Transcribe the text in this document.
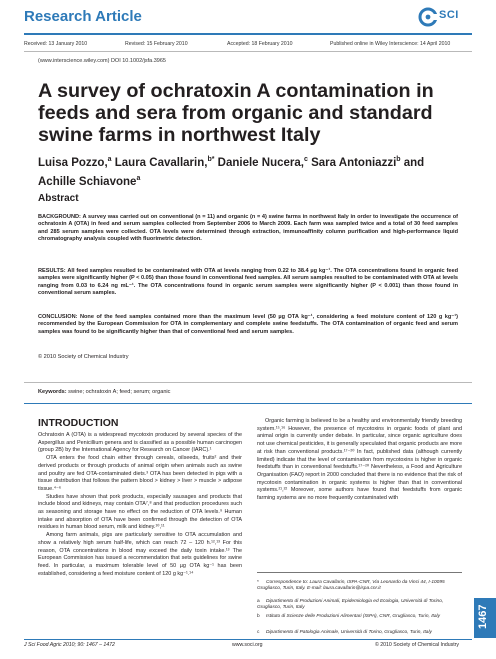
Research Article	SCI
Received: 13 January 2010	Revised: 15 February 2010	Accepted: 18 February 2010	Published online in Wiley Interscience: 14 April 2010
(www.interscience.wiley.com) DOI 10.1002/jsfa.3965
A survey of ochratoxin A contamination in feeds and sera from organic and standard swine farms in northwest Italy

Luisa Pozzo,$^a$ Laura Cavallarin,$^{b*}$ Daniele Nucera,$^c$ Sara Antoniazzi$^b$ and Achille Schiavone$^a$

Abstract

BACKGROUND: A survey was carried out on conventional (n = 11) and organic (n = 4) swine farms in northwest Italy in order to investigate the occurrence of ochratoxin A (OTA) in feed and serum samples collected from September 2006 to March 2009. Each farm was sampled twice and a total of 30 feed samples and 285 serum samples were collected. OTA levels were determined through extraction, immunoaffinity column purification and high-performance liquid chromatography analysis coupled with fluorimetric detection.

RESULTS: All feed samples resulted to be contaminated with OTA at levels ranging from 0.22 to 38.4 µg kg⁻¹. The OTA concentrations found in organic feed samples were significantly higher (P < 0.05) than those found in conventional feed samples. All serum samples resulted to be contaminated with OTA at levels ranging from 0.03 to 6.24 ng mL⁻¹. The OTA concentrations found in organic serum samples were significantly higher (P < 0.001) than those found in conventional serum samples.

CONCLUSION: None of the feed samples contained more than the maximum level (50 µg OTA kg⁻¹, considering a feed moisture content of 120 g kg⁻¹) recommended by the European Commission for OTA in complementary and complete swine feedstuffs. The OTA contamination of organic feed and serum samples was found to be significantly higher than that of conventional feed and serum samples.

© 2010 Society of Chemical Industry
Keywords: swine; ochratoxin A; feed; serum; organic
INTRODUCTION

Ochratoxin A (OTA) is a widespread mycotoxin produced by several species of the Aspergillus and Penicillium genera and is classified as a possible human carcinogen (group 2B) by the International Agency for Research on Cancer (IARC).¹

OTA enters the food chain either through cereals, oilseeds, fruits² and their derived products or through products of animal origin when animals such as swine and poultry are fed OTA-contaminated diets.³ OTA has been detected in pigs with a tissue distribution that follows the pattern blood > kidney > liver > muscle > adipose tissue.⁴⁻⁶

Studies have shown that pork products, especially sausages and products that include blood and kidneys, may contain OTA⁷,⁸ and that production procedures such as seasoning and storage have no effect on the reduction of OTA levels.⁹ Human intake and absorption of OTA have been confirmed through the detection of OTA residues in human blood serum, milk and kidney.¹⁰,¹¹

Among farm animals, pigs are particularly sensitive to OTA accumulation and show a relatively high serum half-life, which can reach 72 – 120 h.¹²,¹³ For this reason, OTA concentrations in blood may exceed the daily toxin intake.¹³ The European Commission has issued a recommendation that sets guidelines for swine feed. In particular, a maximum tolerable level of 50 µg OTA kg⁻¹ has been established, considering a feed moisture content of 120 g kg⁻¹.¹⁴

Organic farming is believed to be a healthy and environmentally friendly breeding system.¹⁵,¹⁶ However, the presence of mycotoxins in organic foods of plant and animal origin is currently under debate. In particular, since organic agriculture does not use chemical pesticides, it is generally speculated that organic products are more at risk than conventional products.¹⁷⁻²⁰ In fact, published data (although currently limited) indicate that the level of contamination from mycotoxins is higher in organic feedstuffs than in conventional feedstuffs.¹⁷⁻²⁰ Nevertheless, a Food and Agriculture Organisation (FAO) report in 2000 concluded that there is no evidence that the risk of mycotoxin contamination in organic systems is higher than that in conventional systems.²¹,²² Moreover, some authors have found that feedstuffs from organic farming systems are no more frequently contaminated with

* Correspondence to: Laura Cavallarin, ISPA-CNR, Via Leonardo da Vinci 44, I-10095 Grugliasco, Turin, Italy. E-mail: laura.cavallarin@ispa.cnr.it

a Dipartimento di Produzioni Animali, Epidemiologia ed Ecologia, Università di Torino, Grugliasco, Turin, Italy

b Istituto di Scienze delle Produzioni Alimentari (ISPA), CNR, Grugliasco, Turin, Italy

c Dipartimento di Patologia Animale, Università di Torino, Grugliasco, Turin, Italy

J Sci Food Agric 2010; 90: 1467 – 1472	www.soci.org	© 2010 Society of Chemical Industry
1467
